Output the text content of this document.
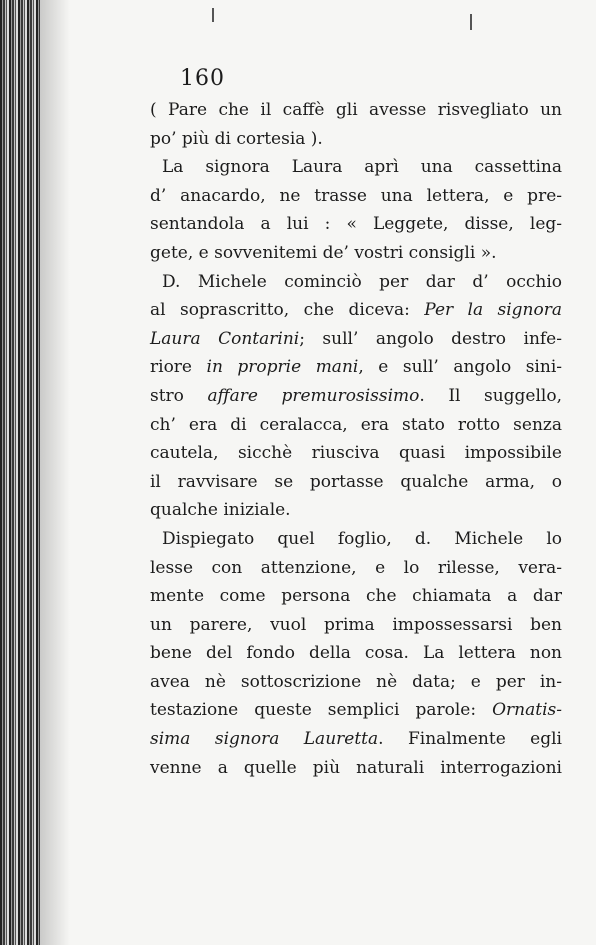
160
( Pare che il caffè gli avesse risvegliato un
po’ più di cortesia ).
La signora Laura aprì una cassettina
d’ anacardo, ne trasse una lettera, e pre-
sentandola a lui : « Leggete, disse, leg-
gete, e sovvenitemi de’ vostri consigli ».
D. Michele cominciò per dar d’ occhio
al soprascritto, che diceva: Per la signora
Laura Contarini; sull’ angolo destro infe-
riore in proprie mani, e sull’ angolo sini-
stro affare premurosissimo. Il suggello,
ch’ era di ceralacca, era stato rotto senza
cautela, sicchè riusciva quasi impossibile
il ravvisare se portasse qualche arma, o
qualche iniziale.
Dispiegato quel foglio, d. Michele lo
lesse con attenzione, e lo rilesse, vera-
mente come persona che chiamata a dar
un parere, vuol prima impossessarsi ben
bene del fondo della cosa. La lettera non
avea nè sottoscrizione nè data; e per in-
testazione queste semplici parole: Ornatis-
sima signora Lauretta. Finalmente egli
venne a quelle più naturali interrogazioni
